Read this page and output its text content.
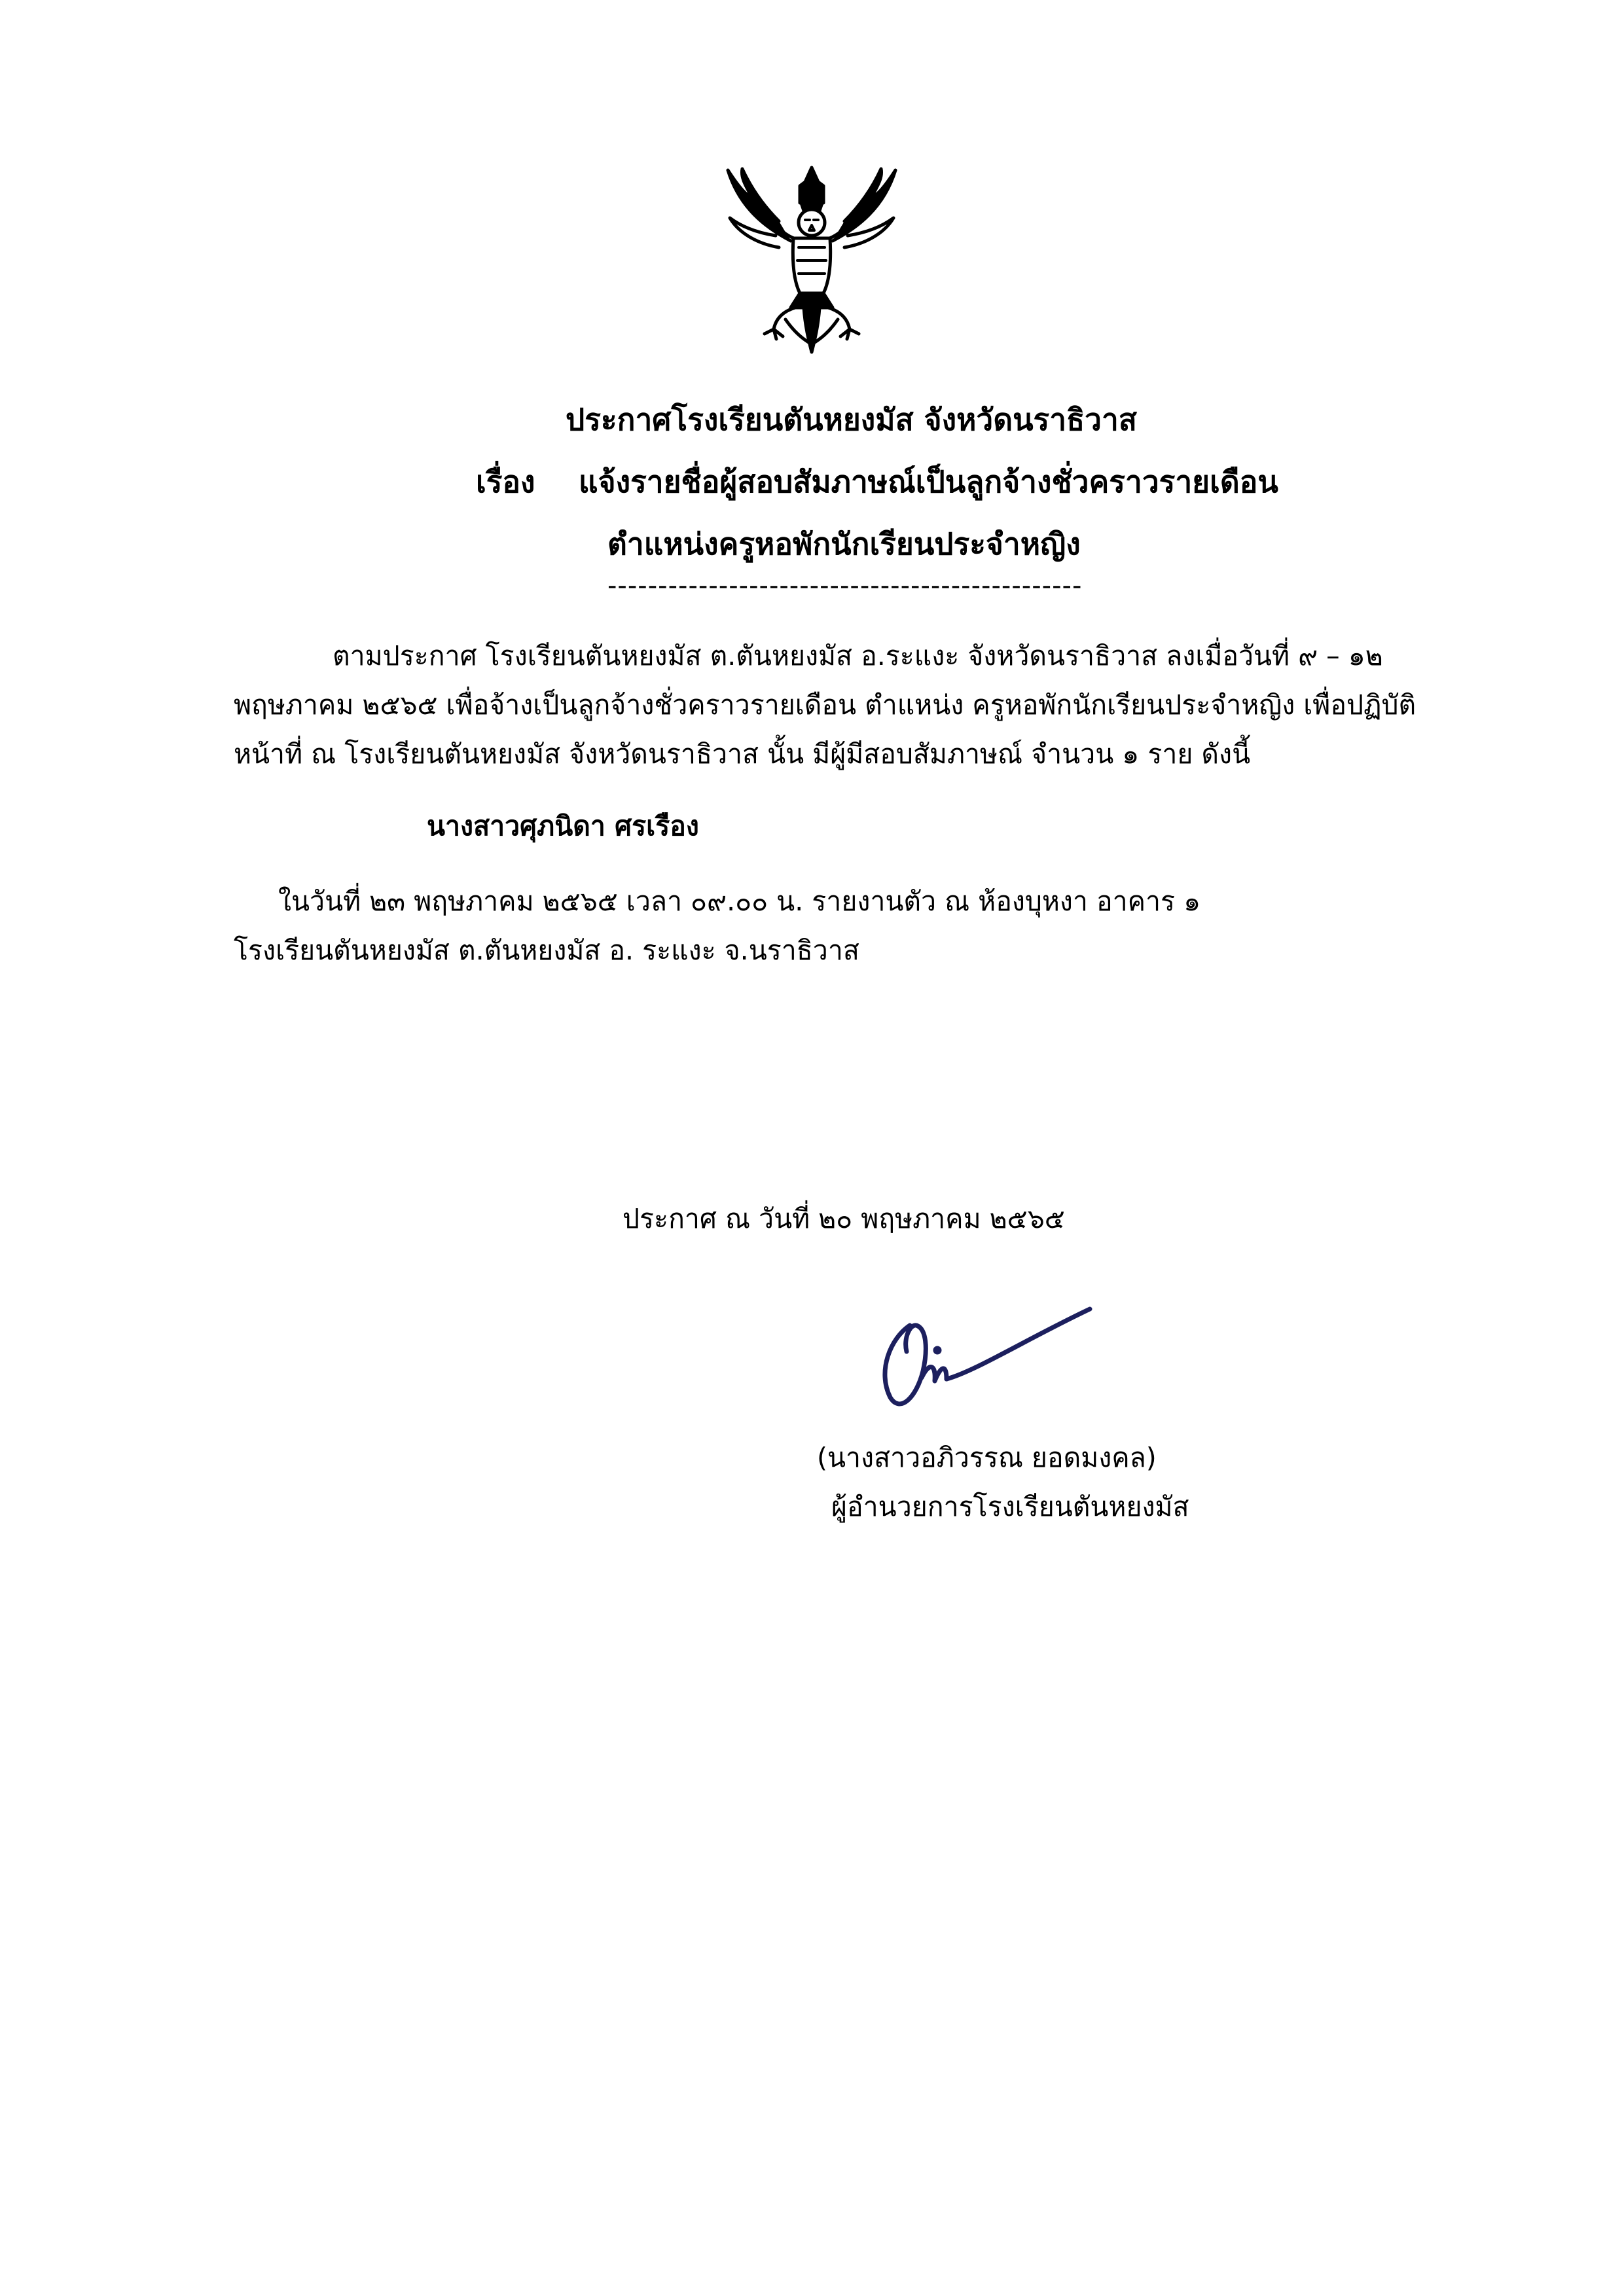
ประกาศโรงเรียนตันหยงมัส จังหวัดนราธิวาส
เรื่อง แจ้งรายชื่อผู้สอบสัมภาษณ์เป็นลูกจ้างชั่วคราวรายเดือน
ตำแหน่งครูหอพักนักเรียนประจำหญิง
-----------------------------------------------
ตามประกาศ โรงเรียนตันหยงมัส ต.ตันหยงมัส อ.ระแงะ จังหวัดนราธิวาส ลงเมื่อวันที่ ๙ – ๑๒
พฤษภาคม ๒๕๖๕ เพื่อจ้างเป็นลูกจ้างชั่วคราวรายเดือน ตำแหน่ง ครูหอพักนักเรียนประจำหญิง เพื่อปฏิบัติ
หน้าที่ ณ โรงเรียนตันหยงมัส จังหวัดนราธิวาส นั้น มีผู้มีสอบสัมภาษณ์ จำนวน ๑ ราย ดังนี้
นางสาวศุภนิดา ศรเรือง
ในวันที่ ๒๓ พฤษภาคม ๒๕๖๕ เวลา ๐๙.๐๐ น. รายงานตัว ณ ห้องบุหงา อาคาร ๑
โรงเรียนตันหยงมัส ต.ตันหยงมัส อ. ระแงะ จ.นราธิวาส
ประกาศ ณ วันที่ ๒๐ พฤษภาคม ๒๕๖๕
(นางสาวอภิวรรณ ยอดมงคล)
ผู้อำนวยการโรงเรียนตันหยงมัส
